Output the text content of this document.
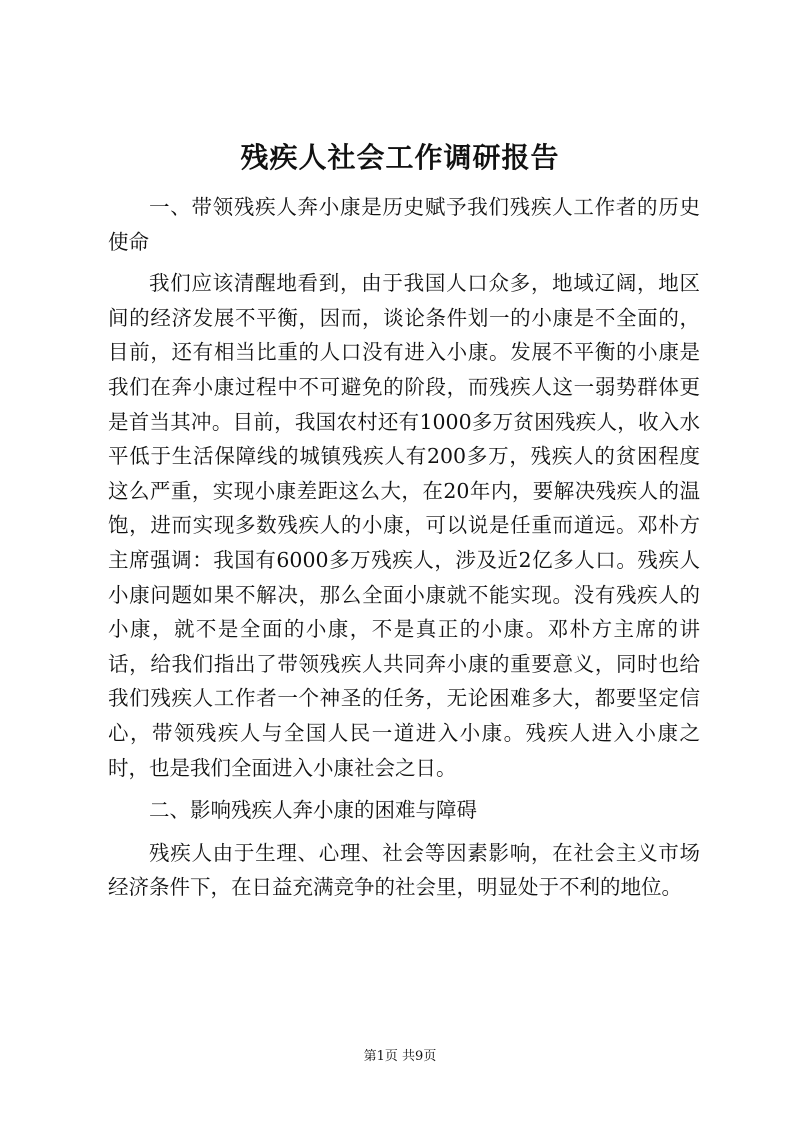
残疾人社会工作调研报告

一、带领残疾人奔小康是历史赋予我们残疾人工作者的历史使命

我们应该清醒地看到，由于我国人口众多，地域辽阔，地区间的经济发展不平衡，因而，谈论条件划一的小康是不全面的，目前，还有相当比重的人口没有进入小康。发展不平衡的小康是我们在奔小康过程中不可避免的阶段，而残疾人这一弱势群体更是首当其冲。目前，我国农村还有1000多万贫困残疾人，收入水平低于生活保障线的城镇残疾人有200多万，残疾人的贫困程度这么严重，实现小康差距这么大，在20年内，要解决残疾人的温饱，进而实现多数残疾人的小康，可以说是任重而道远。邓朴方主席强调：我国有6000多万残疾人，涉及近2亿多人口。残疾人小康问题如果不解决，那么全面小康就不能实现。没有残疾人的小康，就不是全面的小康，不是真正的小康。邓朴方主席的讲话，给我们指出了带领残疾人共同奔小康的重要意义，同时也给我们残疾人工作者一个神圣的任务，无论困难多大，都要坚定信心，带领残疾人与全国人民一道进入小康。残疾人进入小康之时，也是我们全面进入小康社会之日。

二、影响残疾人奔小康的困难与障碍

残疾人由于生理、心理、社会等因素影响，在社会主义市场经济条件下，在日益充满竞争的社会里，明显处于不利的地位。

第1页 共9页
